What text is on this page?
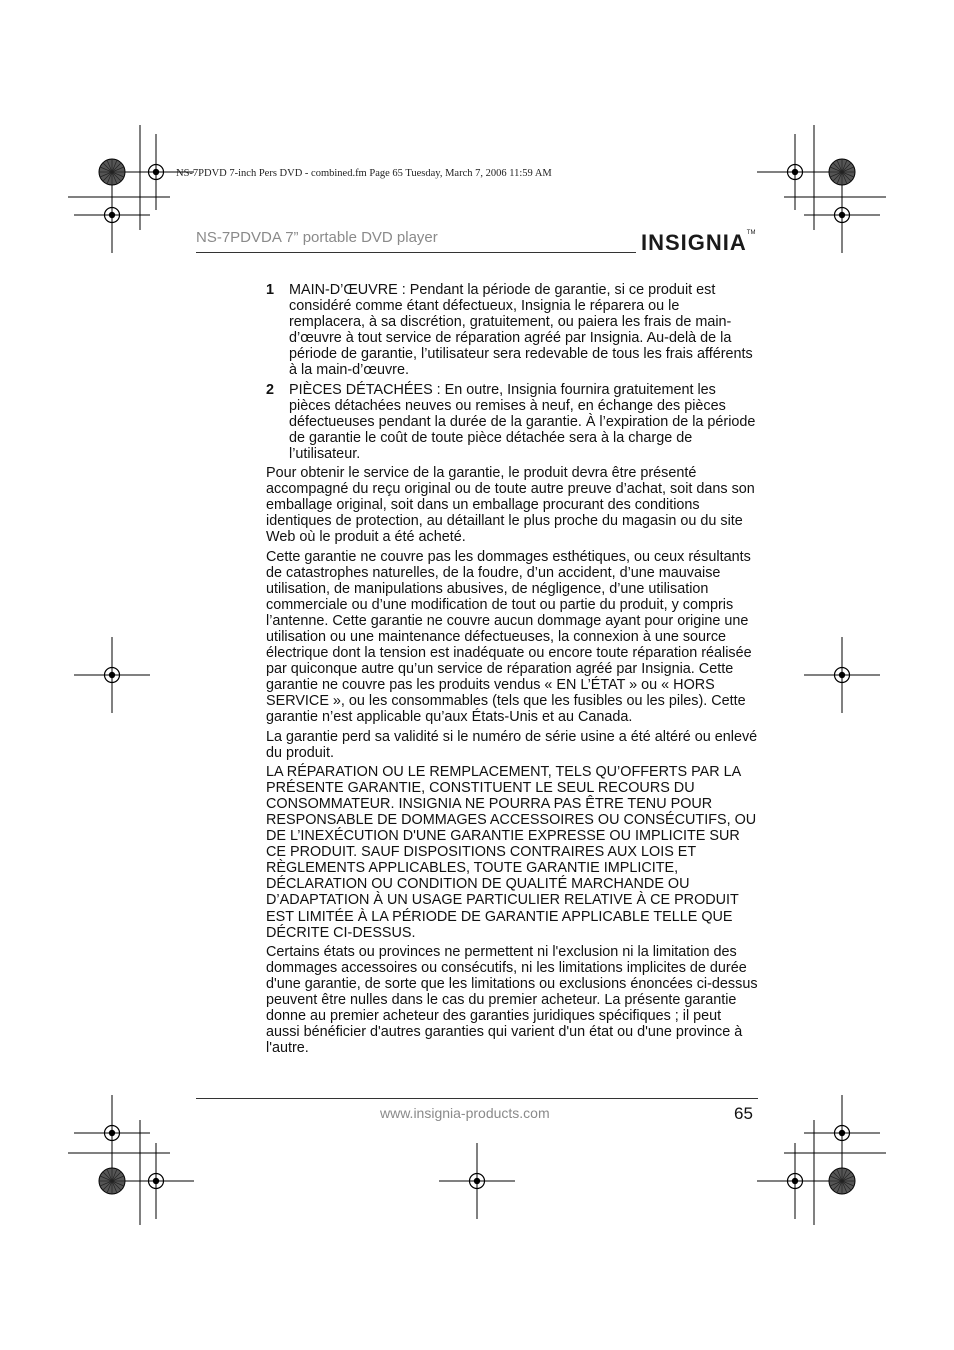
NS-7PDVD 7-inch Pers DVD - combined.fm Page 65 Tuesday, March 7, 2006 11:59 AM
NS-7PDVDA 7” portable DVD player	INSIGNIA™
1 MAIN-D’ŒUVRE : Pendant la période de garantie, si ce produit est considéré comme étant défectueux, Insignia le réparera ou le remplacera, à sa discrétion, gratuitement, ou paiera les frais de main-d’œuvre à tout service de réparation agréé par Insignia. Au-delà de la période de garantie, l’utilisateur sera redevable de tous les frais afférents à la main-d’œuvre.
2 PIÈCES DÉTACHÉES : En outre, Insignia fournira gratuitement les pièces détachées neuves ou remises à neuf, en échange des pièces défectueuses pendant la durée de la garantie. À l’expiration de la période de garantie le coût de toute pièce détachée sera à la charge de l’utilisateur.

Pour obtenir le service de la garantie, le produit devra être présenté accompagné du reçu original ou de toute autre preuve d’achat, soit dans son emballage original, soit dans un emballage procurant des conditions identiques de protection, au détaillant le plus proche du magasin ou du site Web où le produit a été acheté.

Cette garantie ne couvre pas les dommages esthétiques, ou ceux résultants de catastrophes naturelles, de la foudre, d’un accident, d’une mauvaise utilisation, de manipulations abusives, de négligence, d’une utilisation commerciale ou d’une modification de tout ou partie du produit, y compris l’antenne. Cette garantie ne couvre aucun dommage ayant pour origine une utilisation ou une maintenance défectueuses, la connexion à une source électrique dont la tension est inadéquate ou encore toute réparation réalisée par quiconque autre qu’un service de réparation agréé par Insignia. Cette garantie ne couvre pas les produits vendus « EN L’ÉTAT » ou « HORS SERVICE », ou les consommables (tels que les fusibles ou les piles). Cette garantie n’est applicable qu’aux États-Unis et au Canada.

La garantie perd sa validité si le numéro de série usine a été altéré ou enlevé du produit.

LA RÉPARATION OU LE REMPLACEMENT, TELS QU’OFFERTS PAR LA PRÉSENTE GARANTIE, CONSTITUENT LE SEUL RECOURS DU CONSOMMATEUR. INSIGNIA NE POURRA PAS ÊTRE TENU POUR RESPONSABLE DE DOMMAGES ACCESSOIRES OU CONSÉCUTIFS, OU DE L’INEXÉCUTION D'UNE GARANTIE EXPRESSE OU IMPLICITE SUR CE PRODUIT. SAUF DISPOSITIONS CONTRAIRES AUX LOIS ET RÈGLEMENTS APPLICABLES, TOUTE GARANTIE IMPLICITE, DÉCLARATION OU CONDITION DE QUALITÉ MARCHANDE OU D’ADAPTATION À UN USAGE PARTICULIER RELATIVE À CE PRODUIT EST LIMITÉE À LA PÉRIODE DE GARANTIE APPLICABLE TELLE QUE DÉCRITE CI-DESSUS.

Certains états ou provinces ne permettent ni l'exclusion ni la limitation des dommages accessoires ou consécutifs, ni les limitations implicites de durée d'une garantie, de sorte que les limitations ou exclusions énoncées ci-dessus peuvent être nulles dans le cas du premier acheteur. La présente garantie donne au premier acheteur des garanties juridiques spécifiques ; il peut aussi bénéficier d'autres garanties qui varient d'un état ou d'une province à l'autre.

www.insignia-products.com	65
